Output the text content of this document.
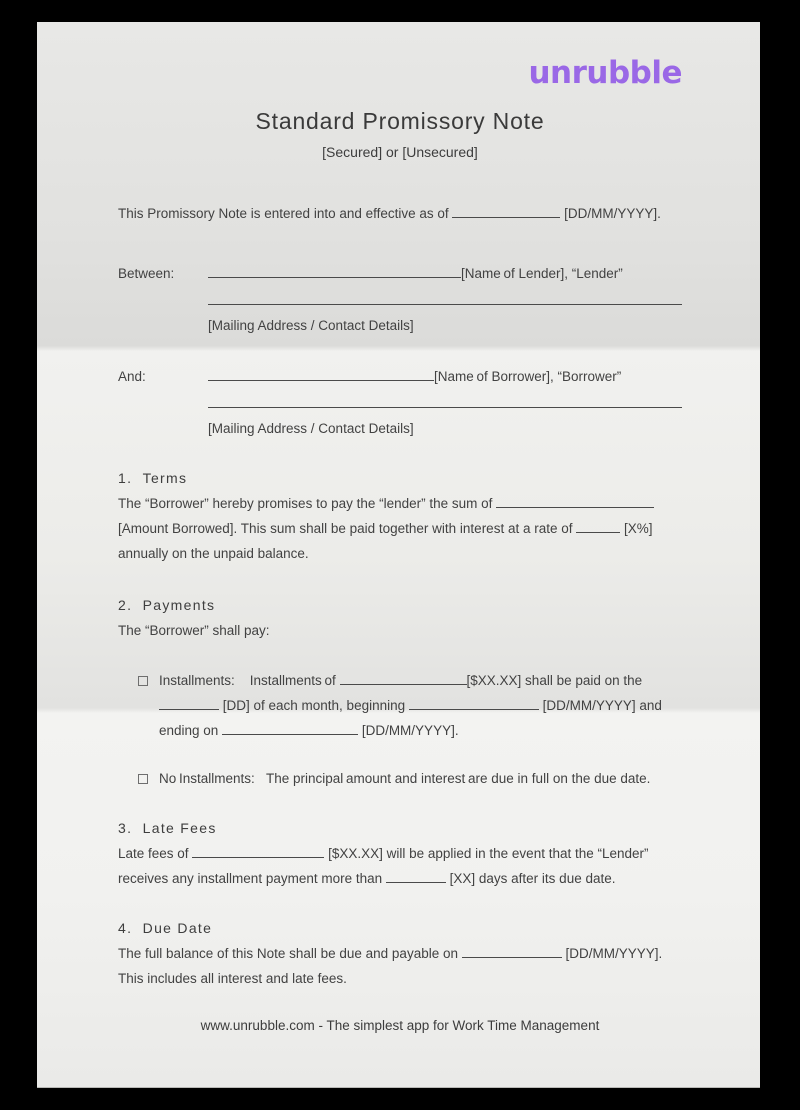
unrubble
Standard Promissory Note
[Secured] or [Unsecured]
This Promissory Note is entered into and effective as of	[DD/MM/YYYY].
Between:	[Name of Lender], “Lender”
[Mailing Address / Contact Details]
And:	[Name of Borrower], “Borrower”
[Mailing Address / Contact Details]
1.  Terms
The “Borrower” hereby promises to pay the “lender” the sum of
[Amount Borrowed]. This sum shall be paid together with interest at a rate of	[X%]
annually on the unpaid balance.
2.  Payments
The “Borrower” shall pay:
Installments:    Installments of	[$XX.XX] shall be paid on the
[DD] of each month, beginning	[DD/MM/YYYY] and
ending on	[DD/MM/YYYY].
No Installments:   The principal amount and interest are due in full on the due date.
3.  Late Fees
Late fees of	[$XX.XX] will be applied in the event that the “Lender”
receives any installment payment more than	[XX] days after its due date.
4.  Due Date
The full balance of this Note shall be due and payable on	[DD/MM/YYYY].
This includes all interest and late fees.
www.unrubble.com - The simplest app for Work Time Management
